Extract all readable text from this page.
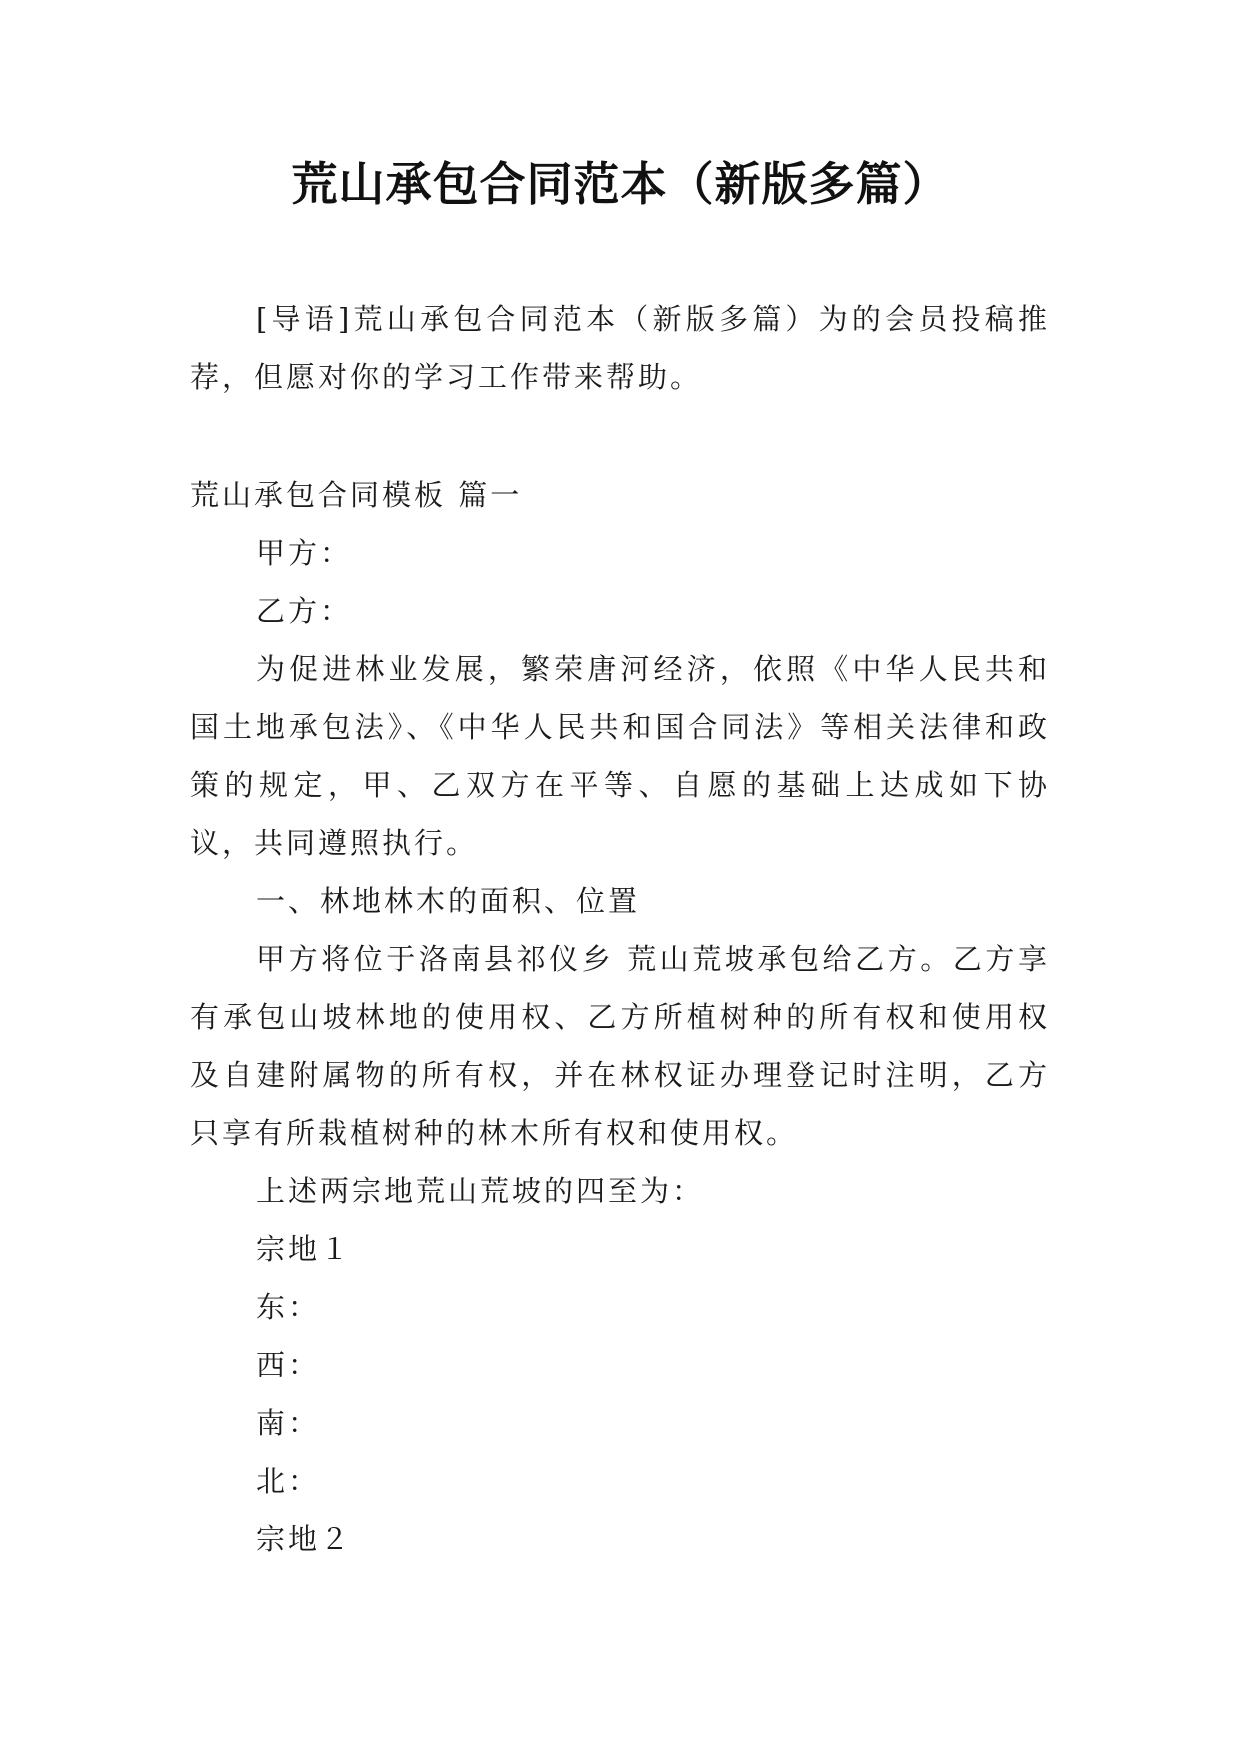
荒山承包合同范本（新版多篇）

[导语]荒山承包合同范本（新版多篇）为的会员投稿推荐，但愿对你的学习工作带来帮助。

荒山承包合同模板 篇一

甲方：

乙方：

为促进林业发展，繁荣唐河经济，依照《中华人民共和国土地承包法》、《中华人民共和国合同法》等相关法律和政策的规定，甲、乙双方在平等、自愿的基础上达成如下协议，共同遵照执行。

一、林地林木的面积、位置

甲方将位于洛南县祁仪乡 荒山荒坡承包给乙方。乙方享有承包山坡林地的使用权、乙方所植树种的所有权和使用权及自建附属物的所有权，并在林权证办理登记时注明，乙方只享有所栽植树种的林木所有权和使用权。

上述两宗地荒山荒坡的四至为：

宗地１

东：

西：

南：

北：

宗地２
